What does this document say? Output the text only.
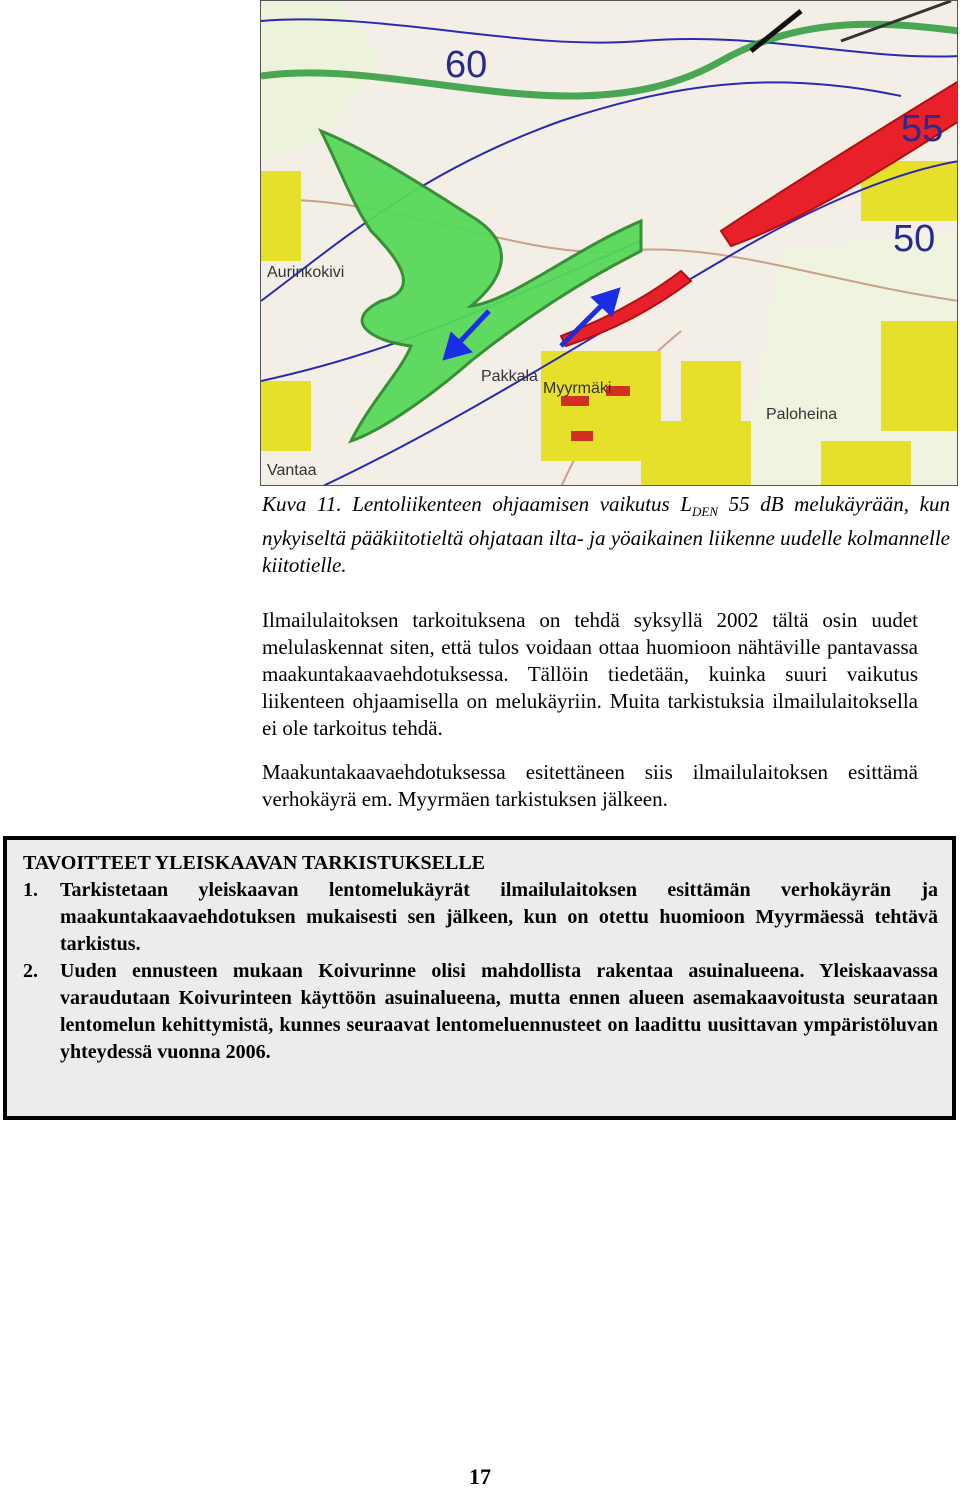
60
55
50
Aurinkokivi
Myyrmäki
Paloheina
Pakkala
Vantaa
Kuva 11. Lentoliikenteen ohjaamisen vaikutus $L_{DEN}$ 55 dB melukäyrään, kun nykyiseltä pääkiitotieltä ohjataan ilta- ja yöaikainen liikenne uudelle kolmannelle kiitotielle.

Ilmailulaitoksen tarkoituksena on tehdä syksyllä 2002 tältä osin uudet melulaskennat siten, että tulos voidaan ottaa huomioon nähtäville pantavassa maakuntakaavaehdotuksessa. Tällöin tiedetään, kuinka suuri vaikutus liikenteen ohjaamisella on melukäyriin. Muita tarkistuksia ilmailulaitoksella ei ole tarkoitus tehdä.

Maakuntakaavaehdotuksessa esitettäneen siis ilmailulaitoksen esittämä verhokäyrä em. Myyrmäen tarkistuksen jälkeen.

TAVOITTEET YLEISKAAVAN TARKISTUKSELLE

1.	Tarkistetaan yleiskaavan lentomelukäyrät ilmailulaitoksen esittämän verhokäyrän ja maakuntakaavaehdotuksen mukaisesti sen jälkeen, kun on otettu huomioon Myyrmäessä tehtävä tarkistus.
2.	Uuden ennusteen mukaan Koivurinne olisi mahdollista rakentaa asuinalueena. Yleiskaavassa varaudutaan Koivurinteen käyttöön asuinalueena, mutta ennen alueen asemakaavoitusta seurataan lentomelun kehittymistä, kunnes seuraavat lentomeluennusteet on laadittu uusittavan ympäristöluvan yhteydessä vuonna 2006.
17
